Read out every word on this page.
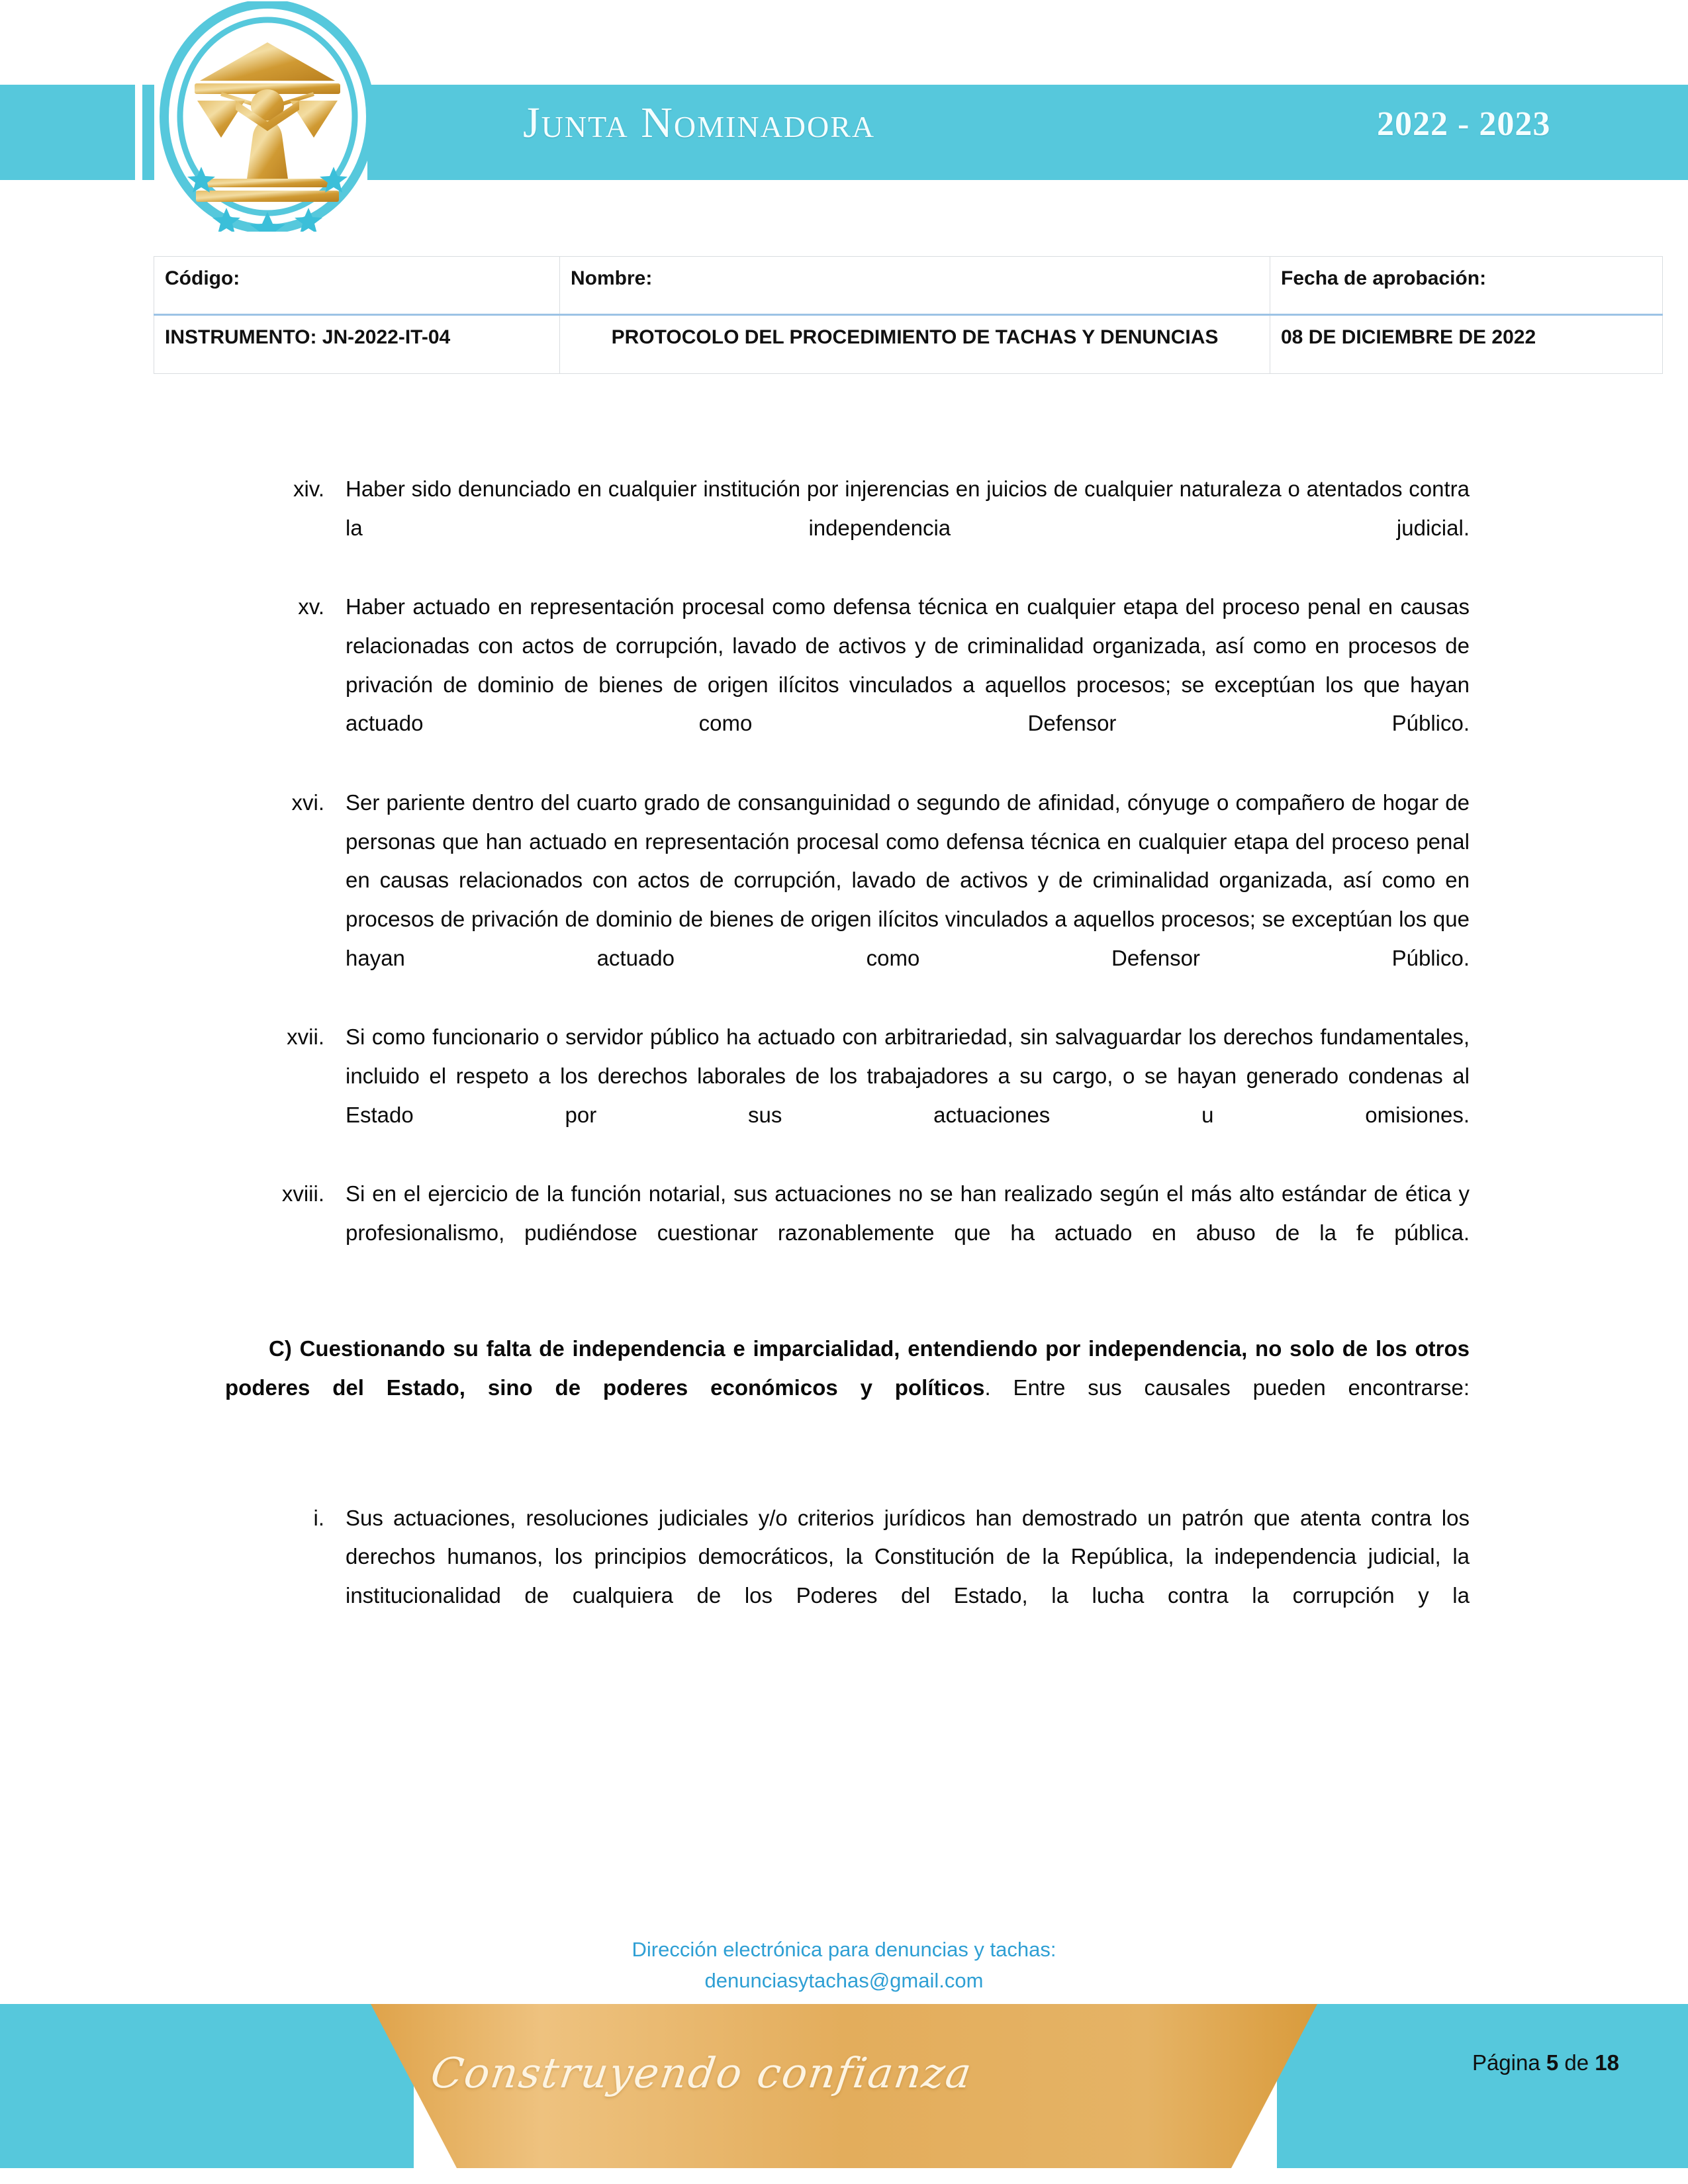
Junta Nominadora	2022 - 2023
Código:	Nombre:	Fecha de aprobación:
INSTRUMENTO: JN-2022-IT-04	PROTOCOLO DEL PROCEDIMIENTO DE TACHAS Y DENUNCIAS	08 DE DICIEMBRE DE 2022
xiv. Haber sido denunciado en cualquier institución por injerencias en juicios de cualquier naturaleza o atentados contra la independencia judicial.
xv. Haber actuado en representación procesal como defensa técnica en cualquier etapa del proceso penal en causas relacionadas con actos de corrupción, lavado de activos y de criminalidad organizada, así como en procesos de privación de dominio de bienes de origen ilícitos vinculados a aquellos procesos; se exceptúan los que hayan actuado como Defensor Público.
xvi. Ser pariente dentro del cuarto grado de consanguinidad o segundo de afinidad, cónyuge o compañero de hogar de personas que han actuado en representación procesal como defensa técnica en cualquier etapa del proceso penal en causas relacionados con actos de corrupción, lavado de activos y de criminalidad organizada, así como en procesos de privación de dominio de bienes de origen ilícitos vinculados a aquellos procesos; se exceptúan los que hayan actuado como Defensor Público.
xvii. Si como funcionario o servidor público ha actuado con arbitrariedad, sin salvaguardar los derechos fundamentales, incluido el respeto a los derechos laborales de los trabajadores a su cargo, o se hayan generado condenas al Estado por sus actuaciones u omisiones.
xviii. Si en el ejercicio de la función notarial, sus actuaciones no se han realizado según el más alto estándar de ética y profesionalismo, pudiéndose cuestionar razonablemente que ha actuado en abuso de la fe pública.

C) Cuestionando su falta de independencia e imparcialidad, entendiendo por independencia, no solo de los otros poderes del Estado, sino de poderes económicos y políticos. Entre sus causales pueden encontrarse:

i. Sus actuaciones, resoluciones judiciales y/o criterios jurídicos han demostrado un patrón que atenta contra los derechos humanos, los principios democráticos, la Constitución de la República, la independencia judicial, la institucionalidad de cualquiera de los Poderes del Estado, la lucha contra la corrupción y la
Dirección electrónica para denuncias y tachas:
denunciasytachas@gmail.com
Construyendo confianza	Página 5 de 18
